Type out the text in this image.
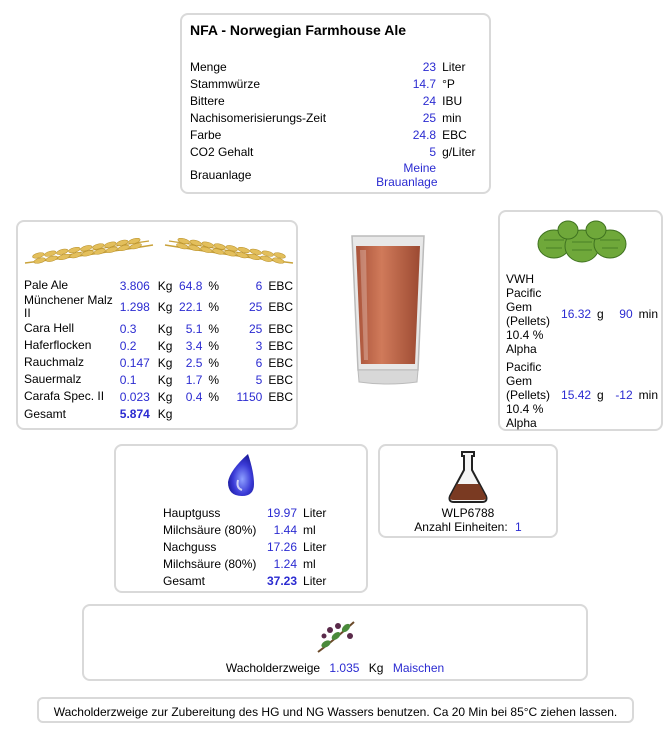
NFA - Norwegian Farmhouse Ale
Menge	23	Liter
Stammwürze	14.7	°P
Bittere	24	IBU
Nachisomerisierungs-Zeit	25	min
Farbe	24.8	EBC
CO2 Gehalt	5	g/Liter
Brauanlage	Meine Brauanlage	
Pale Ale	3.806	Kg	64.8	%	6	EBC
Münchener Malz II	1.298	Kg	22.1	%	25	EBC
Cara Hell	0.3	Kg	5.1	%	25	EBC
Haferflocken	0.2	Kg	3.4	%	3	EBC
Rauchmalz	0.147	Kg	2.5	%	6	EBC
Sauermalz	0.1	Kg	1.7	%	5	EBC
Carafa Spec. II	0.023	Kg	0.4	%	1150	EBC
Gesamt	5.874	Kg				
VWH Pacific Gem (Pellets) 10.4 % Alpha	16.32	g	90	min
Pacific Gem (Pellets) 10.4 % Alpha	15.42	g	-12	min
Hauptguss	19.97	Liter
Milchsäure (80%)	1.44	ml
Nachguss	17.26	Liter
Milchsäure (80%)	1.24	ml
Gesamt	37.23	Liter
WLP6788
Anzahl Einheiten: 1
Wacholderzweige 1.035 Kg Maischen
Wacholderzweige zur Zubereitung des HG und NG Wassers benutzen. Ca 20 Min bei 85°C ziehen lassen.
